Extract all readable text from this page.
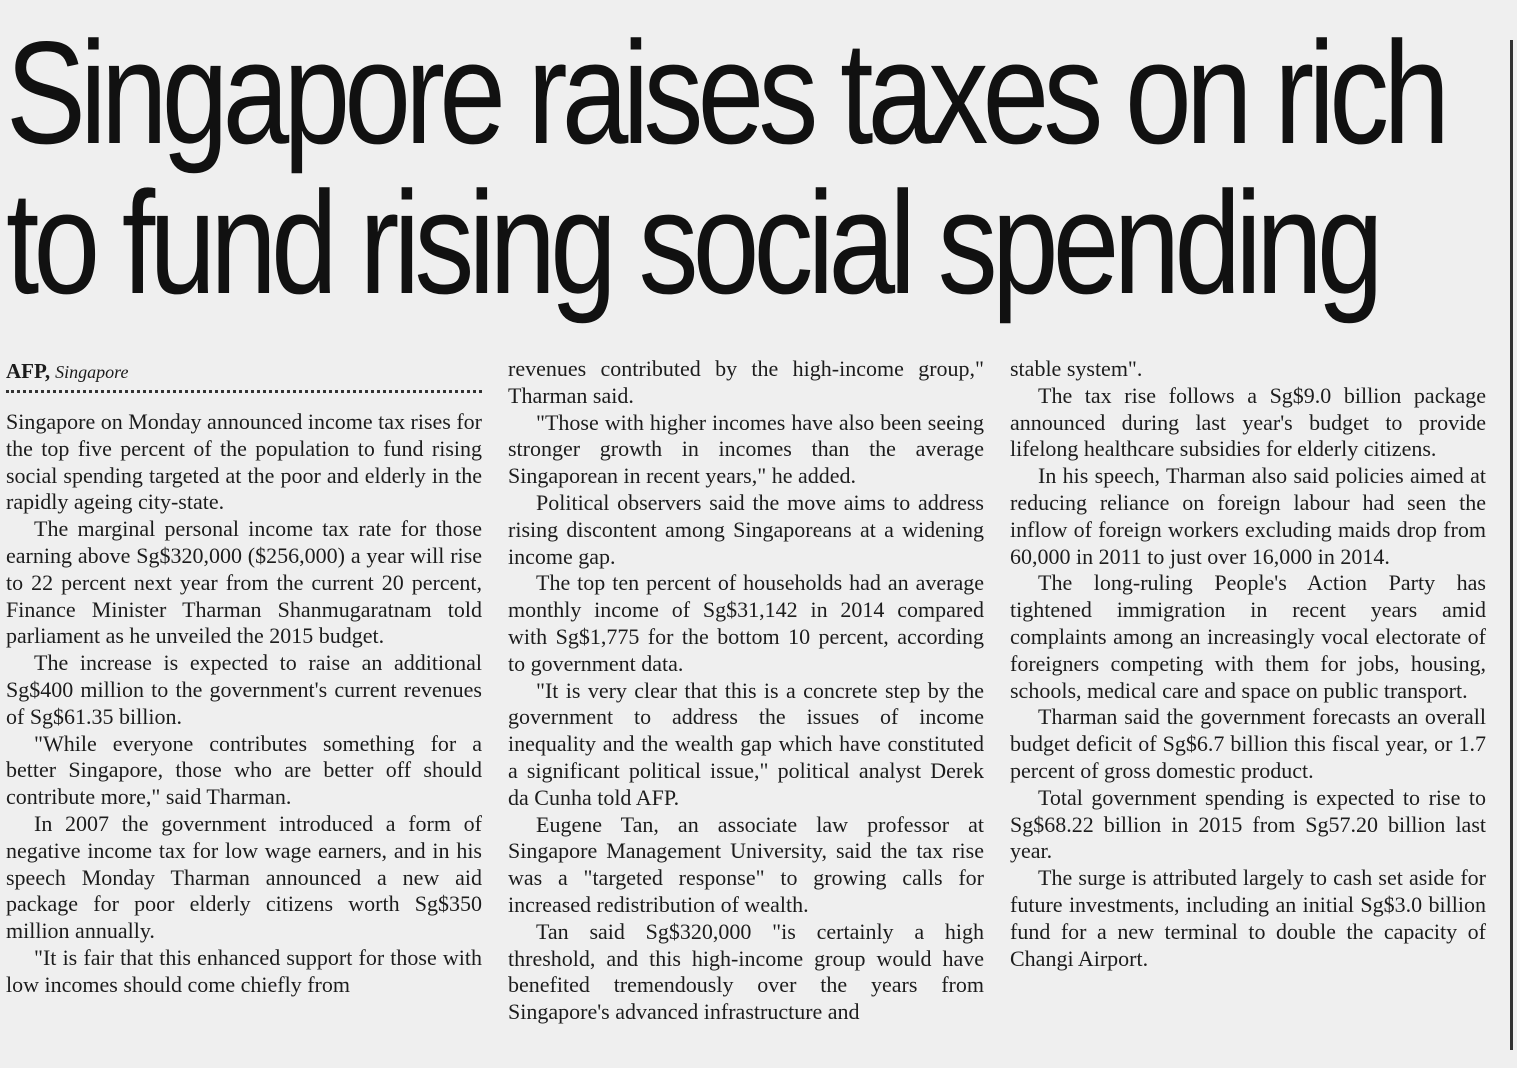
Singapore raises taxes on rich
to fund rising social spending
AFP, Singapore

Singapore on Monday announced income tax rises for the top five percent of the population to fund rising social spending targeted at the poor and elderly in the rapidly ageing city-state.

The marginal personal income tax rate for those earning above Sg$320,000 ($256,000) a year will rise to 22 percent next year from the current 20 percent, Finance Minister Tharman Shanmugaratnam told parliament as he unveiled the 2015 budget.

The increase is expected to raise an additional Sg$400 million to the government's current revenues of Sg$61.35 billion.

"While everyone contributes something for a better Singapore, those who are better off should contribute more," said Tharman.

In 2007 the government introduced a form of negative income tax for low wage earners, and in his speech Monday Tharman announced a new aid package for poor elderly citizens worth Sg$350 million annually.

"It is fair that this enhanced support for those with low incomes should come chiefly from

revenues contributed by the high-income group," Tharman said.

"Those with higher incomes have also been seeing stronger growth in incomes than the average Singaporean in recent years," he added.

Political observers said the move aims to address rising discontent among Singaporeans at a widening income gap.

The top ten percent of households had an average monthly income of Sg$31,142 in 2014 compared with Sg$1,775 for the bottom 10 percent, according to government data.

"It is very clear that this is a concrete step by the government to address the issues of income inequality and the wealth gap which have constituted a significant political issue," political analyst Derek da Cunha told AFP.

Eugene Tan, an associate law professor at Singapore Management University, said the tax rise was a "targeted response" to growing calls for increased redistribution of wealth.

Tan said Sg$320,000 "is certainly a high threshold, and this high-income group would have benefited tremendously over the years from Singapore's advanced infrastructure and

stable system".

The tax rise follows a Sg$9.0 billion package announced during last year's budget to provide lifelong healthcare subsidies for elderly citizens.

In his speech, Tharman also said policies aimed at reducing reliance on foreign labour had seen the inflow of foreign workers excluding maids drop from 60,000 in 2011 to just over 16,000 in 2014.

The long-ruling People's Action Party has tightened immigration in recent years amid complaints among an increasingly vocal electorate of foreigners competing with them for jobs, housing, schools, medical care and space on public transport.

Tharman said the government forecasts an overall budget deficit of Sg$6.7 billion this fiscal year, or 1.7 percent of gross domestic product.

Total government spending is expected to rise to Sg$68.22 billion in 2015 from Sg57.20 billion last year.

The surge is attributed largely to cash set aside for future investments, including an initial Sg$3.0 billion fund for a new terminal to double the capacity of Changi Airport.
